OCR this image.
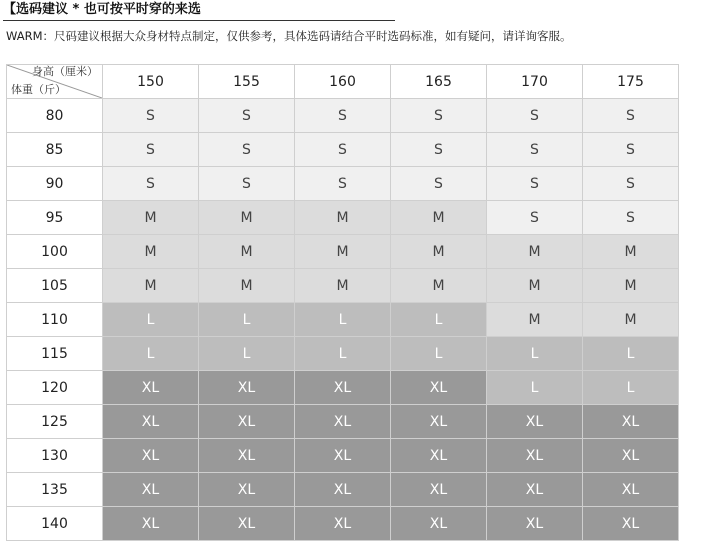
【选码建议 * 也可按平时穿的来选
WARM：尺码建议根据大众身材特点制定，仅供参考，具体选码请结合平时选码标准，如有疑问，请详询客服。
身高（厘米）
体重（斤）	150	155	160	165	170	175
80	S	S	S	S	S	S
85	S	S	S	S	S	S
90	S	S	S	S	S	S
95	M	M	M	M	S	S
100	M	M	M	M	M	M
105	M	M	M	M	M	M
110	L	L	L	L	M	M
115	L	L	L	L	L	L
120	XL	XL	XL	XL	L	L
125	XL	XL	XL	XL	XL	XL
130	XL	XL	XL	XL	XL	XL
135	XL	XL	XL	XL	XL	XL
140	XL	XL	XL	XL	XL	XL
